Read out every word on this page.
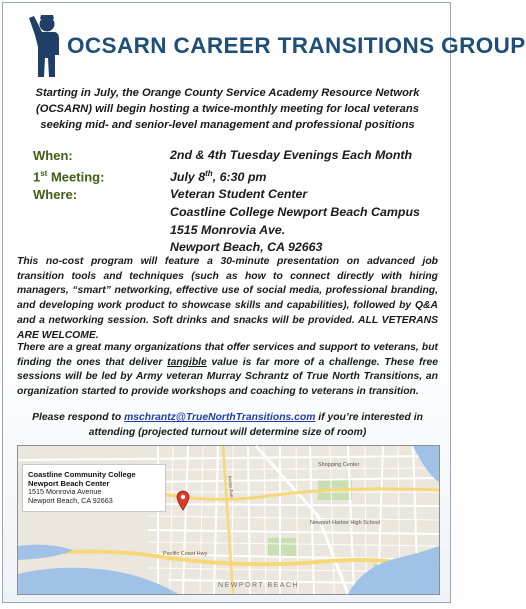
OCSARN CAREER TRANSITIONS GROUP
Starting in July, the Orange County Service Academy Resource Network (OCSARN) will begin hosting a twice-monthly meeting for local veterans seeking mid- and senior-level management and professional positions
When:	2nd & 4th Tuesday Evenings Each Month
1st Meeting:	July 8th, 6:30 pm
Where:	Veteran Student Center
Coastline College Newport Beach Campus
1515 Monrovia Ave.
Newport Beach, CA 92663
This no-cost program will feature a 30-minute presentation on advanced job transition tools and techniques (such as how to connect directly with hiring managers, “smart” networking, effective use of social media, professional branding, and developing work product to showcase skills and capabilities), followed by Q&A and a networking session. Soft drinks and snacks will be provided. ALL VETERANS ARE WELCOME.
There are a great many organizations that offer services and support to veterans, but finding the ones that deliver tangible value is far more of a challenge. These free sessions will be led by Army veteran Murray Schrantz of True North Transitions, an organization started to provide workshops and coaching to veterans in transition.
Please respond to mschrantz@TrueNorthTransitions.com if you’re interested in attending (projected turnout will determine size of room)
Shopping Center
Newport Harbor High School
Pacific Coast Hwy
NEWPORT BEACH
Irvine Ave
Coastline Community College
Newport Beach Center
1515 Monrovia Avenue
Newport Beach, CA 92663
